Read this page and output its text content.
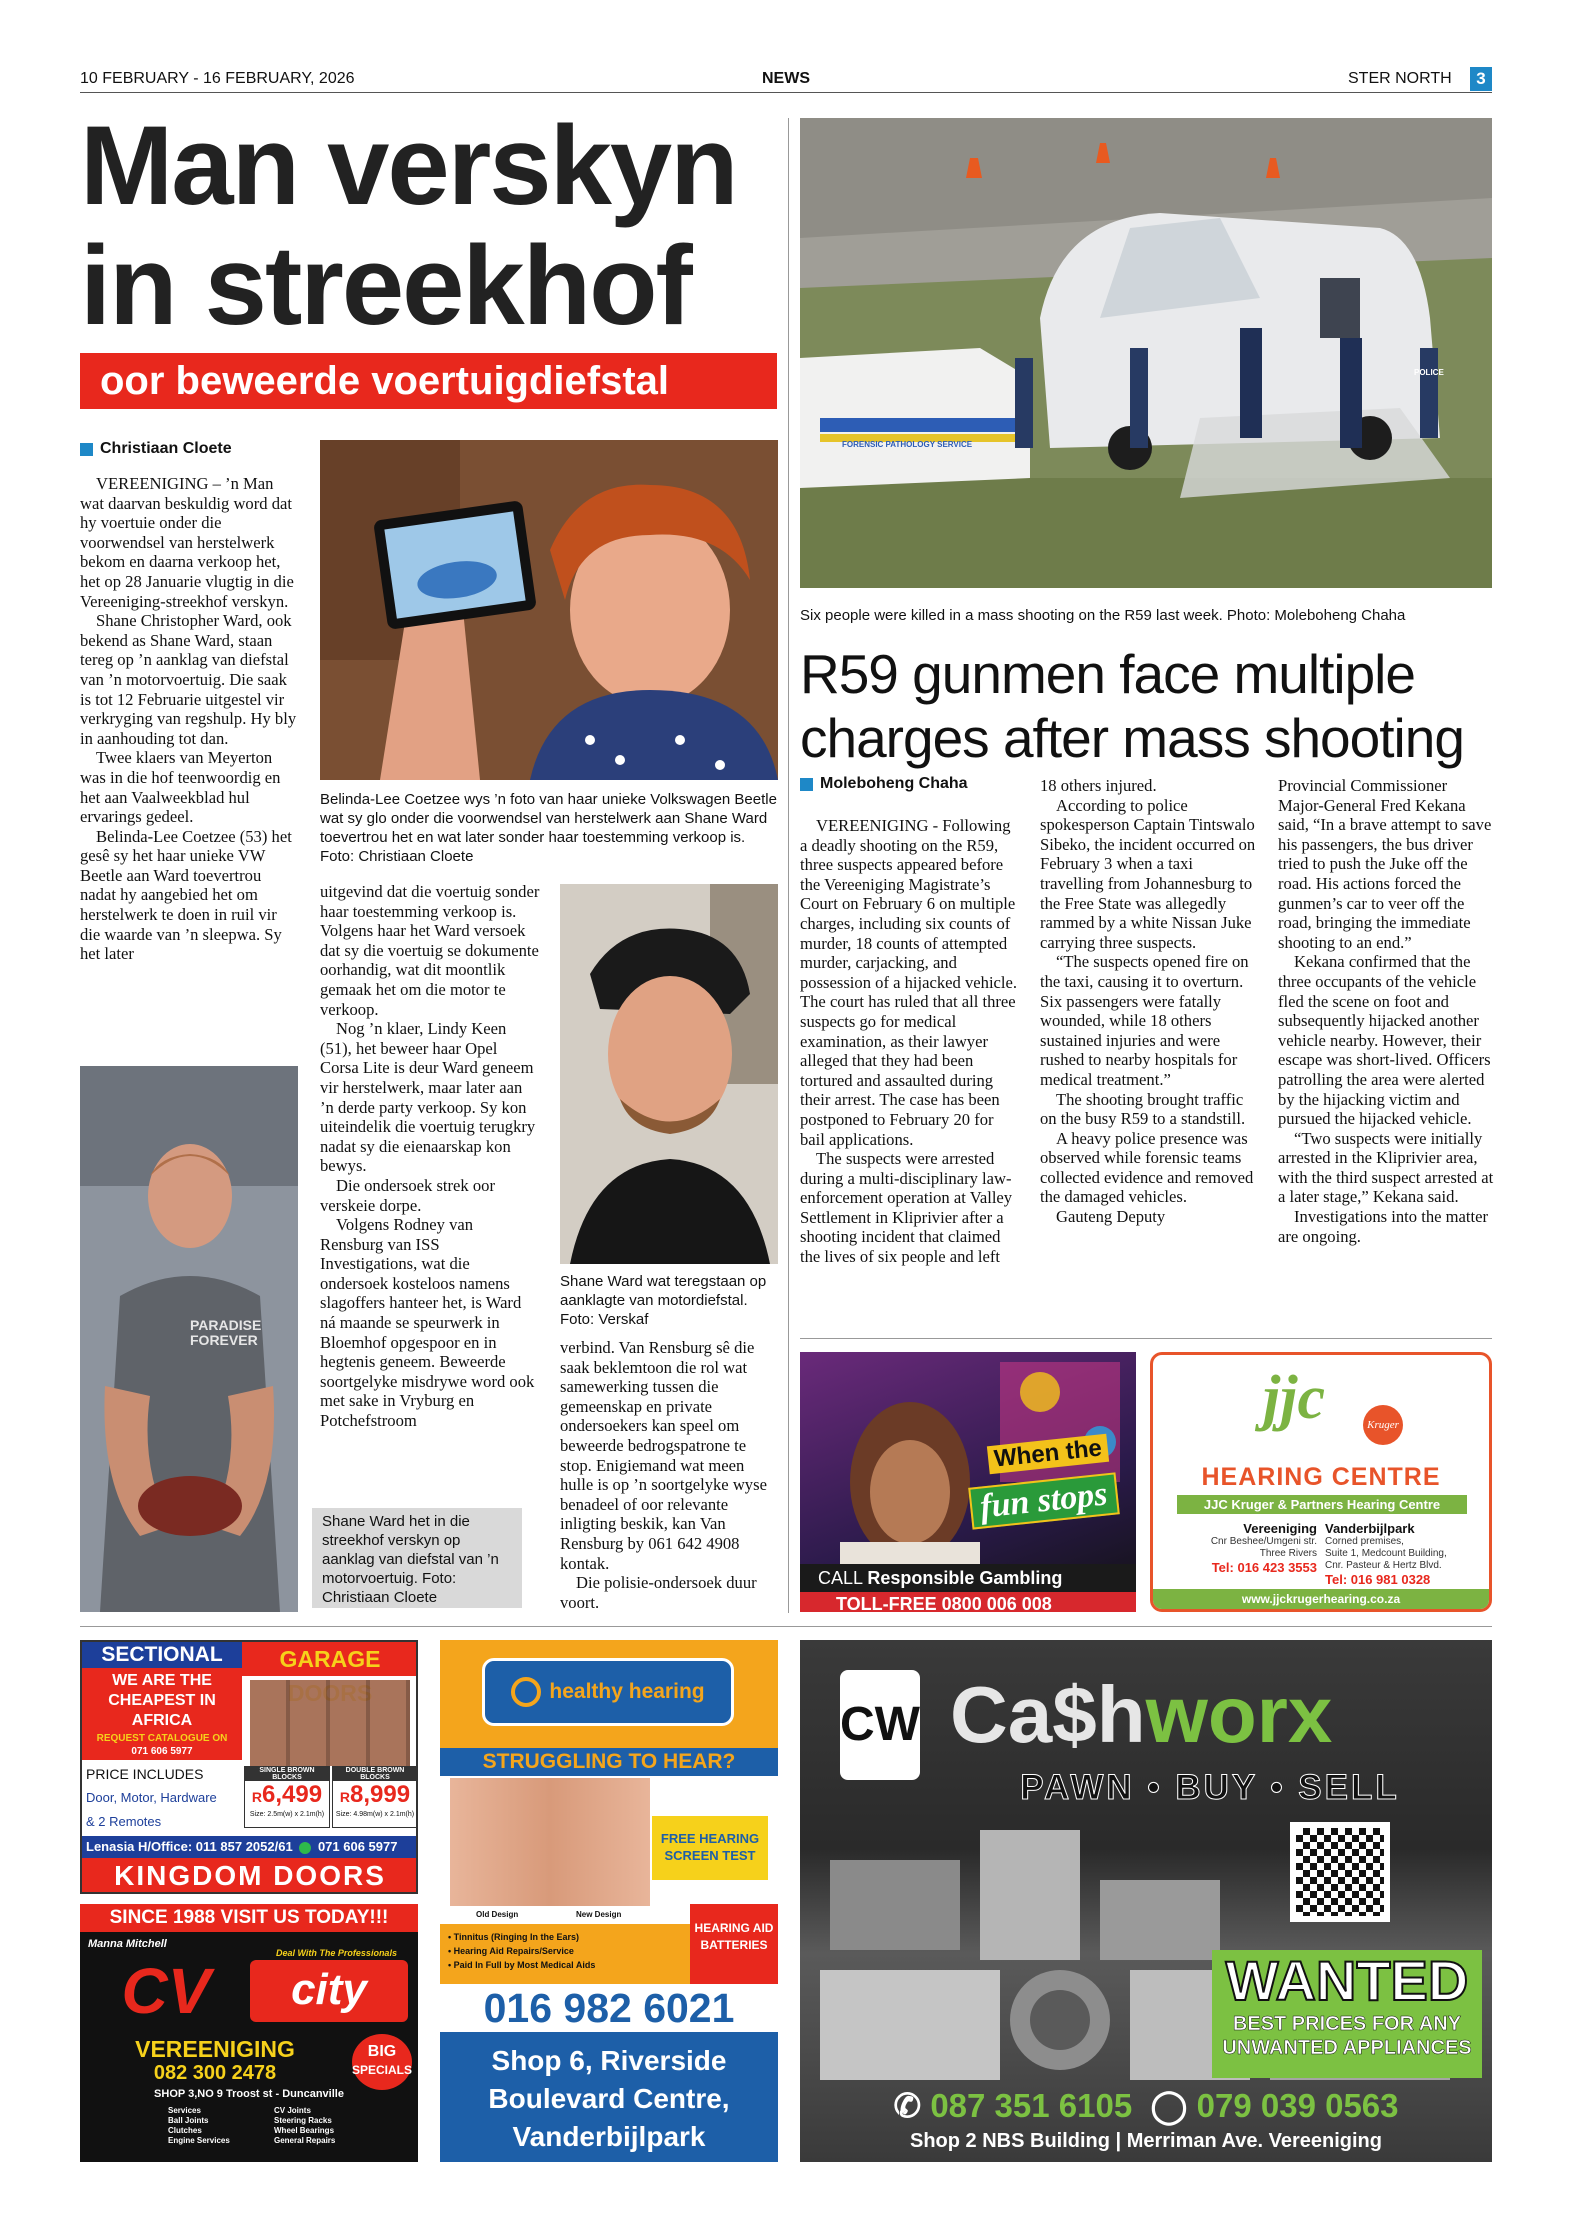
10 FEBRUARY - 16 FEBRUARY, 2026	NEWS	STER NORTH	3
Man verskyn in streekhof
oor beweerde voertuigdiefstal
Christiaan Cloete

VEREENIGING – ’n Man wat daarvan beskuldig word dat hy voertuie onder die voorwendsel van herstelwerk bekom en daarna verkoop het, het op 28 Januarie vlugtig in die Vereeniging-streekhof verskyn.

Shane Christopher Ward, ook bekend as Shane Ward, staan tereg op ’n aanklag van diefstal van ’n motorvoertuig. Die saak is tot 12 Februarie uitgestel vir verkryging van regshulp. Hy bly in aanhouding tot dan.

Twee klaers van Meyerton was in die hof teenwoordig en het aan Vaalweekblad hul ervarings gedeel.

Belinda-Lee Coetzee (53) het gesê sy het haar unieke VW Beetle aan Ward toevertrou nadat hy aangebied het om herstelwerk te doen in ruil vir die waarde van ’n sleepwa. Sy het later

Belinda-Lee Coetzee wys ’n foto van haar unieke Volkswagen Beetle wat sy glo onder die voorwendsel van herstelwerk aan Shane Ward toevertrou het en wat later sonder haar toestemming verkoop is. Foto: Christiaan Cloete

uitgevind dat die voertuig sonder haar toestemming verkoop is. Volgens haar het Ward versoek dat sy die voertuig se dokumente oorhandig, wat dit moontlik gemaak het om die motor te verkoop.

Nog ’n klaer, Lindy Keen (51), het beweer haar Opel Corsa Lite is deur Ward geneem vir herstelwerk, maar later aan ’n derde party verkoop. Sy kon uiteindelik die voertuig terugkry nadat sy die eienaarskap kon bewys.

Die ondersoek strek oor verskeie dorpe.

Volgens Rodney van Rensburg van ISS Investigations, wat die ondersoek kosteloos namens slagoffers hanteer het, is Ward ná maande se speurwerk in Bloemhof opgespoor en in hegtenis geneem. Beweerde soortgelyke misdrywe word ook met sake in Vryburg en Potchefstroom

Shane Ward wat teregstaan op aanklagte van motordiefstal. Foto: Verskaf

verbind. Van Rensburg sê die saak beklemtoon die rol wat samewerking tussen die gemeenskap en private ondersoekers kan speel om beweerde bedrogspatrone te stop. Enigiemand wat meen hulle is op ’n soortgelyke wyse benadeel of oor relevante inligting beskik, kan Van Rensburg by 061 642 4908 kontak.

Die polisie-ondersoek duur voort.

PARADISE FOREVER
Shane Ward het in die streekhof verskyn op aanklag van diefstal van ’n motorvoertuig. Foto: Christiaan Cloete
FORENSIC PATHOLOGY SERVICE
POLICE
Six people were killed in a mass shooting on the R59 last week. Photo: Moleboheng Chaha
R59 gunmen face multiple charges after mass shooting
Moleboheng Chaha

VEREENIGING - Following a deadly shooting on the R59, three suspects appeared before the Vereeniging Magistrate’s Court on February 6 on multiple charges, including six counts of murder, 18 counts of attempted murder, carjacking, and possession of a hijacked vehicle. The court has ruled that all three suspects go for medical examination, as their lawyer alleged that they had been tortured and assaulted during their arrest. The case has been postponed to February 20 for bail applications.

The suspects were arrested during a multi-disciplinary law-enforcement operation at Valley Settlement in Kliprivier after a shooting incident that claimed the lives of six people and left

18 others injured.

According to police spokesperson Captain Tintswalo Sibeko, the incident occurred on February 3 when a taxi travelling from Johannesburg to the Free State was allegedly rammed by a white Nissan Juke carrying three suspects.

“The suspects opened fire on the taxi, causing it to overturn. Six passengers were fatally wounded, while 18 others sustained injuries and were rushed to nearby hospitals for medical treatment.”

The shooting brought traffic on the busy R59 to a standstill.

A heavy police presence was observed while forensic teams collected evidence and removed the damaged vehicles.

Gauteng Deputy

Provincial Commissioner Major-General Fred Kekana said, “In a brave attempt to save his passengers, the bus driver tried to push the Juke off the road. His actions forced the gunmen’s car to veer off the road, bringing the immediate shooting to an end.”

Kekana confirmed that the three occupants of the vehicle fled the scene on foot and subsequently hijacked another vehicle nearby. However, their escape was short-lived. Officers patrolling the area were alerted by the hijacking victim and pursued the hijacked vehicle.

“Two suspects were initially arrested in the Kliprivier area, with the third suspect arrested at a later stage,” Kekana said.

Investigations into the matter are ongoing.

When the
fun stops
CALL Responsible Gambling
TOLL-FREE 0800 006 008
jjc	Kruger
HEARING CENTRE
JJC Kruger & Partners Hearing Centre
Vereeniging
Cnr Beshee/Umgeni str.
Three Rivers
Tel: 016 423 3553
Vanderbijlpark
Corned premises,
Suite 1, Medcount Building,
Cnr. Pasteur & Hertz Blvd.
Tel: 016 981 0328
www.jjckrugerhearing.co.za
SECTIONAL	GARAGE
WE ARE THE CHEAPEST IN AFRICA
REQUEST CATALOGUE ON
071 606 5977
PRICE INCLUDES
Door, Motor, Hardware
& 2 Remotes
SINGLE BROWN BLOCKS
R6,499
Size: 2.5m(w) x 2.1m(h)
DOUBLE BROWN BLOCKS
R8,999
Size: 4.98m(w) x 2.1m(h)
Lenasia H/Office: 011 857 2052/61 071 606 5977
KINGDOM DOORS
SINCE 1988 VISIT US TODAY!!!
Manna Mitchell
Deal With The Professionals
CV	city
VEREENIGING
082 300 2478
BIG
SPECIALS
SHOP 3,NO 9 Troost st - Duncanville
Services
Ball Joints
Clutches
Engine Services
CV Joints
Steering Racks
Wheel Bearings
General Repairs
healthy hearing
STRUGGLING TO HEAR?
FREE HEARING SCREEN TEST
Old Design	New Design
• Tinnitus (Ringing In the Ears)
• Hearing Aid Repairs/Service
• Paid In Full by Most Medical Aids
HEARING AID BATTERIES
016 982 6021
Shop 6, Riverside Boulevard Centre, Vanderbijlpark
CW Ca$hworx
PAWN • BUY • SELL
WANTED
BEST PRICES FOR ANY
UNWANTED APPLIANCES
✆ 087 351 6105 ◯ 079 039 0563
Shop 2 NBS Building | Merriman Ave. Vereeniging
